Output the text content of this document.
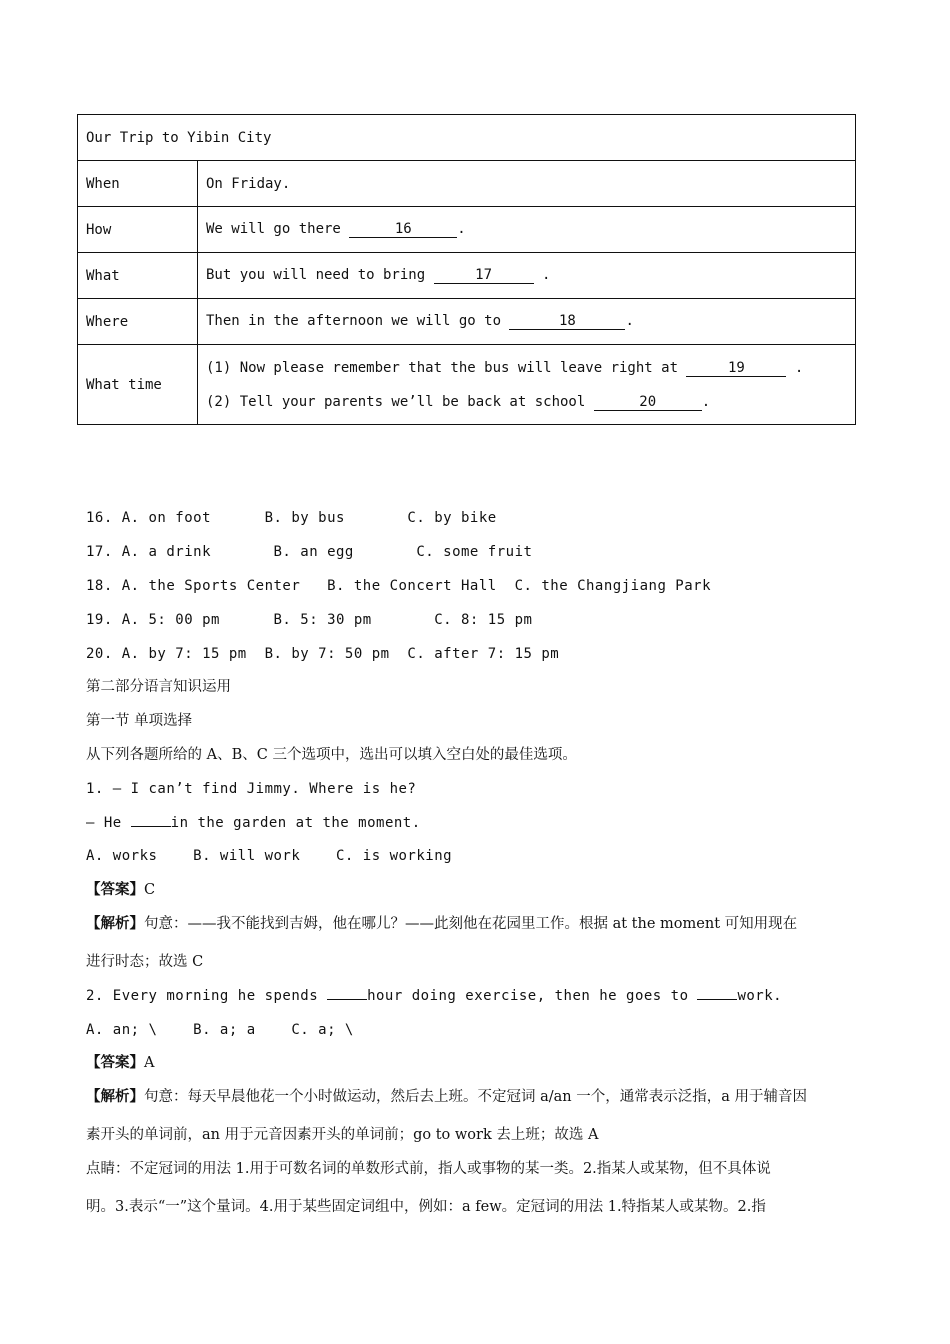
Our Trip to Yibin City	
When	On Friday.
How	We will go there 16 .
What	But you will need to bring 17 .
Where	Then in the afternoon we will go to 18 .
What time	(1) Now please remember that the bus will leave right at 19 .
(2) Tell your parents we’ll be back at school 20 .
16. A. on foot      B. by bus       C. by bike
17. A. a drink       B. an egg       C. some fruit
18. A. the Sports Center   B. the Concert Hall  C. the Changjiang Park
19. A. 5: 00 pm      B. 5: 30 pm       C. 8: 15 pm
20. A. by 7: 15 pm  B. by 7: 50 pm  C. after 7: 15 pm
第二部分语言知识运用
第一节 单项选择
从下列各题所给的 A、B、C 三个选项中，选出可以填入空白处的最佳选项。
1. — I can’t find Jimmy. Where is he?
— He	in the garden at the moment.
A. works    B. will work    C. is working
【答案】C
【解析】句意：——我不能找到吉姆，他在哪儿？——此刻他在花园里工作。根据 at the moment 可知用现在
进行时态；故选 C
2. Every morning he spends	hour doing exercise, then he goes to	work.
A. an; \    B. a; a    C. a; \
【答案】A
【解析】句意：每天早晨他花一个小时做运动，然后去上班。不定冠词 a/an 一个，通常表示泛指，a 用于辅音因
素开头的单词前，an 用于元音因素开头的单词前；go to work 去上班；故选 A
点睛：不定冠词的用法 1.用于可数名词的单数形式前，指人或事物的某一类。2.指某人或某物，但不具体说
明。3.表示“一”这个量词。4.用于某些固定词组中，例如：a few。定冠词的用法 1.特指某人或某物。2.指
